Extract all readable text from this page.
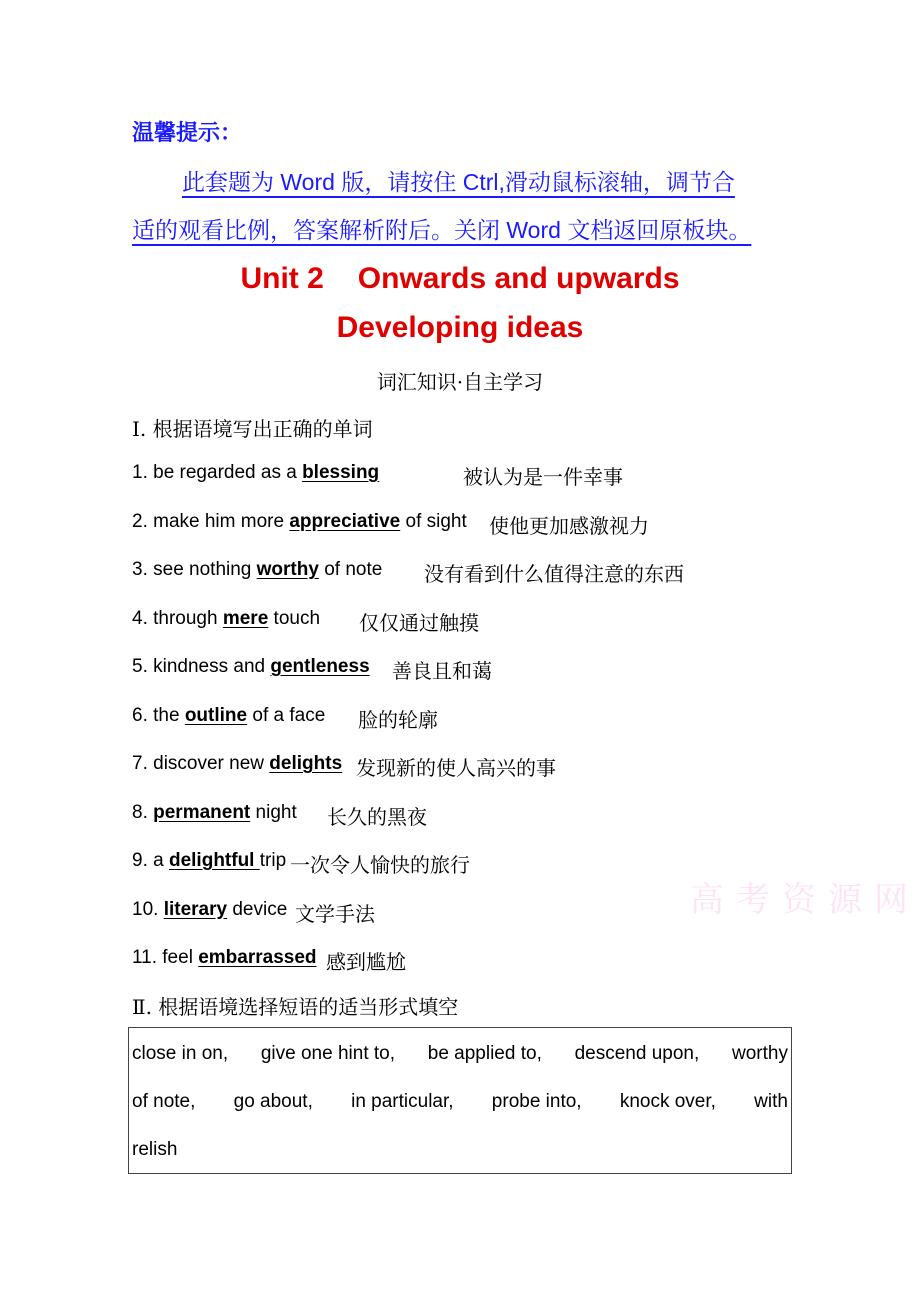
温馨提示：
此套题为 Word 版，请按住 Ctrl,滑动鼠标滚轴，调节合
适的观看比例，答案解析附后。关闭 Word 文档返回原板块。
Unit 2 Onwards and upwards
Developing ideas
词汇知识·自主学习
Ⅰ. 根据语境写出正确的单词
1. be regarded as a blessing	被认为是一件幸事
2. make him more appreciative of sight 使他更加感激视力
3. see nothing worthy of note 没有看到什么值得注意的东西
4. through mere touch 仅仅通过触摸
5. kindness and gentleness 善良且和蔼
6. the outline of a face 脸的轮廓
7. discover new delights 发现新的使人高兴的事
8. permanent night 长久的黑夜
9. a delightful trip 一次令人愉快的旅行
10. literary device 文学手法
11. feel embarrassed 感到尴尬
Ⅱ. 根据语境选择短语的适当形式填空
close in on, give one hint to, be applied to, descend upon, worthy
of note, go about, in particular, probe into, knock over, with
relish
高考资源网
